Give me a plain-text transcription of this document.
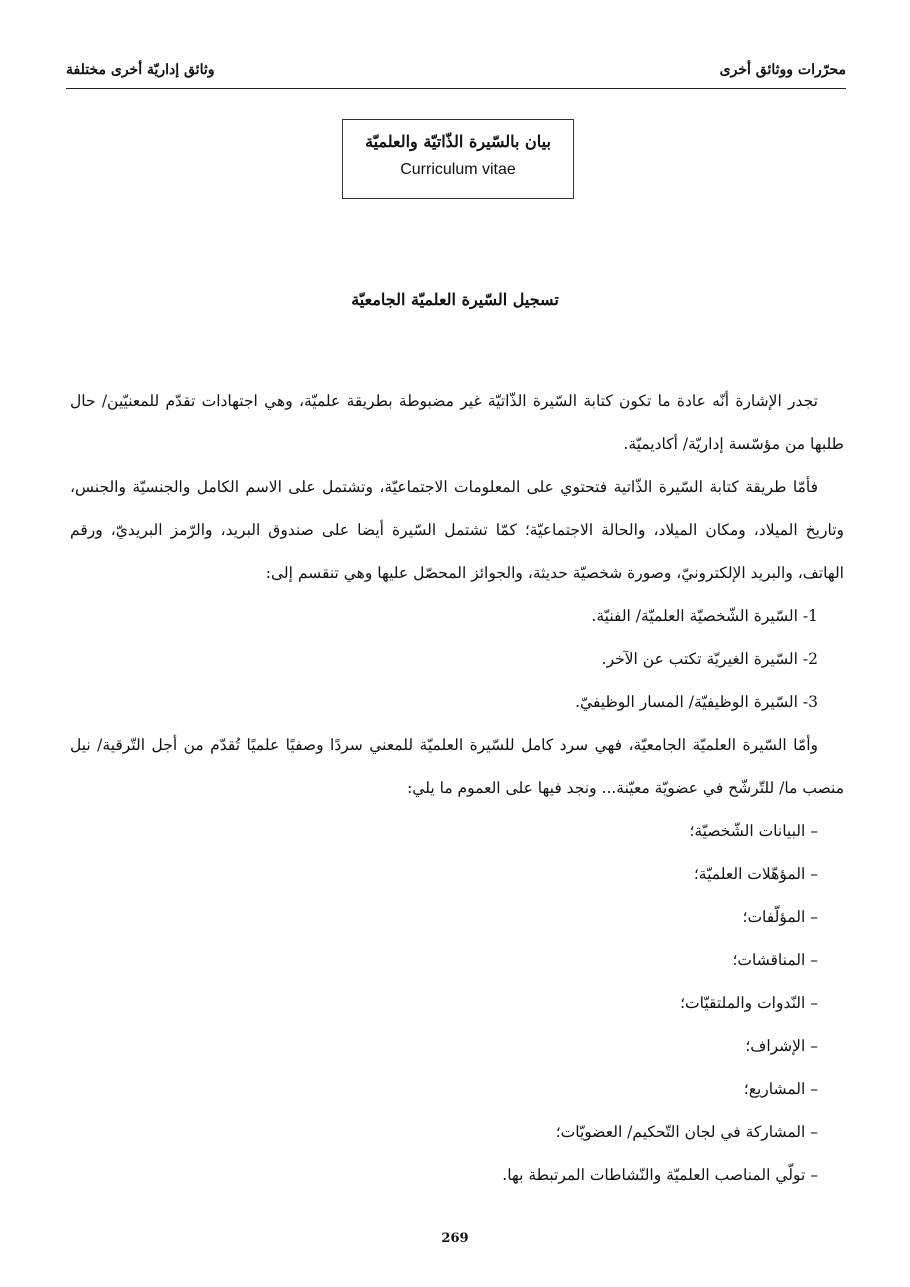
محرّرات ووثائق أخرى
وثائق إداريّة أخرى مختلفة
بيان بالسّيرة الذّاتيّة والعلميّة
Curriculum vitae
تسجيل السّيرة العلميّة الجامعيّة

تجدر الإشارة أنّه عادة ما تكون كتابة السّيرة الذّاتيّة غير مضبوطة بطريقة علميّة، وهي اجتهادات تقدّم للمعنيّين/ حال طلبها من مؤسّسة إداريّة/ أكاديميّة.

فأمّا طريقة كتابة السّيرة الذّاتية فتحتوي على المعلومات الاجتماعيّة، وتشتمل على الاسم الكامل والجنسيّة والجنس، وتاريخ الميلاد، ومكان الميلاد، والحالة الاجتماعيّة؛ كمّا تشتمل السّيرة أيضا على صندوق البريد، والرّمز البريديّ، ورقم الهاتف، والبريد الإلكترونيّ، وصورة شخصيّة حديثة، والجوائز المحصّل عليها وهي تنقسم إلى:

1- السّيرة الشّخصيّة العلميّة/ الفنيّة.

2- السّيرة الغيريّة تكتب عن الآخر.

3- السّيرة الوظيفيّة/ المسار الوظيفيّ.

وأمّا السّيرة العلميّة الجامعيّة، فهي سرد كامل للسّيرة العلميّة للمعني سردًا وصفيًا علميًا تُقدّم من أجل التّرقية/ نيل منصب ما/ للتّرشّح في عضويّة معيّنة... ونجد فيها على العموم ما يلي:

– البيانات الشّخصيّة؛

– المؤهّلات العلميّة؛

– المؤلّفات؛

– المناقشات؛

– النّدوات والملتقيّات؛

– الإشراف؛

– المشاريع؛

– المشاركة في لجان التّحكيم/ العضويّات؛

– تولّي المناصب العلميّة والنّشاطات المرتبطة بها.

269
